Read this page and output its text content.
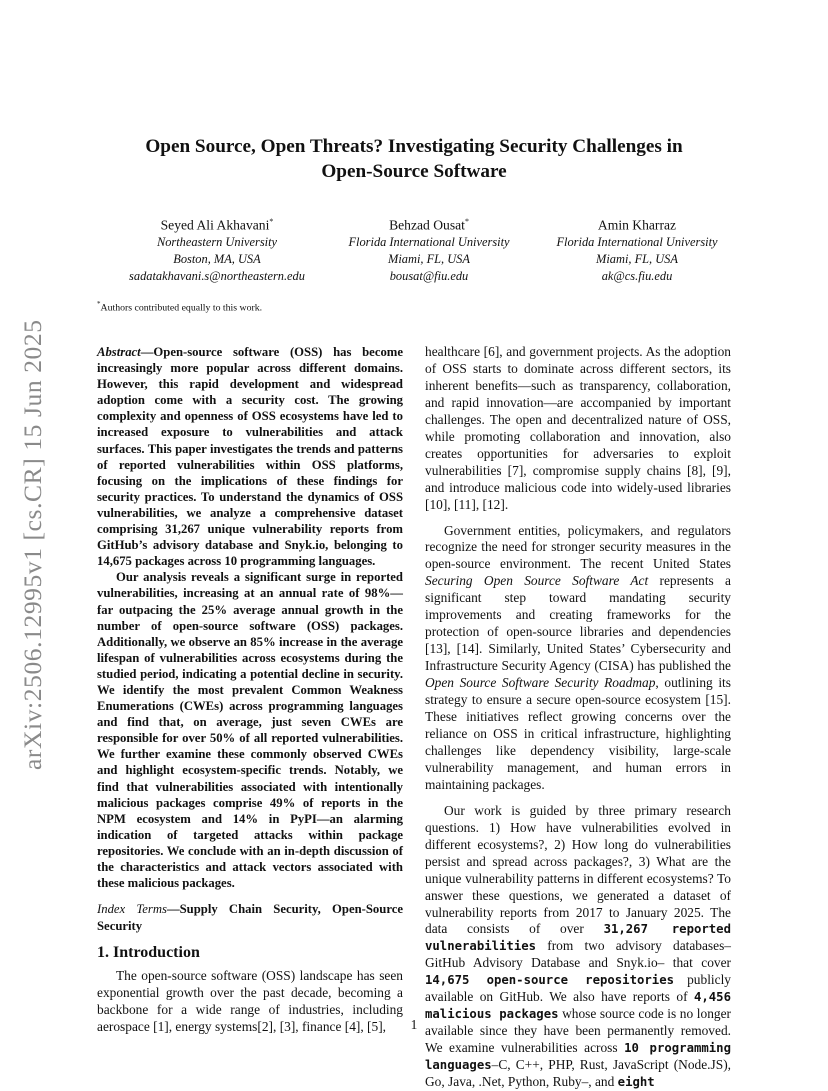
arXiv:2506.12995v1 [cs.CR] 15 Jun 2025
Open Source, Open Threats? Investigating Security Challenges in
Open-Source Software
Seyed Ali Akhavani*
Northeastern University
Boston, MA, USA
sadatakhavani.s@northeastern.edu
Behzad Ousat*
Florida International University
Miami, FL, USA
bousat@fiu.edu
Amin Kharraz
Florida International University
Miami, FL, USA
ak@cs.fiu.edu
*Authors contributed equally to this work.

Abstract—Open-source software (OSS) has become increasingly more popular across different domains. However, this rapid development and widespread adoption come with a security cost. The growing complexity and openness of OSS ecosystems have led to increased exposure to vulnerabilities and attack surfaces. This paper investigates the trends and patterns of reported vulnerabilities within OSS platforms, focusing on the implications of these findings for security practices. To understand the dynamics of OSS vulnerabilities, we analyze a comprehensive dataset comprising 31,267 unique vulnerability reports from GitHub’s advisory database and Snyk.io, belonging to 14,675 packages across 10 programming languages.

Our analysis reveals a significant surge in reported vulnerabilities, increasing at an annual rate of 98%—far outpacing the 25% average annual growth in the number of open-source software (OSS) packages. Additionally, we observe an 85% increase in the average lifespan of vulnerabilities across ecosystems during the studied period, indicating a potential decline in security. We identify the most prevalent Common Weakness Enumerations (CWEs) across programming languages and find that, on average, just seven CWEs are responsible for over 50% of all reported vulnerabilities. We further examine these commonly observed CWEs and highlight ecosystem-specific trends. Notably, we find that vulnerabilities associated with intentionally malicious packages comprise 49% of reports in the NPM ecosystem and 14% in PyPI—an alarming indication of targeted attacks within package repositories. We conclude with an in-depth discussion of the characteristics and attack vectors associated with these malicious packages.

Index Terms—Supply Chain Security, Open-Source Security

1. Introduction

The open-source software (OSS) landscape has seen exponential growth over the past decade, becoming a backbone for a wide range of industries, including aerospace [1], energy systems[2], [3], finance [4], [5],

healthcare [6], and government projects. As the adoption of OSS starts to dominate across different sectors, its inherent benefits—such as transparency, collaboration, and rapid innovation—are accompanied by important challenges. The open and decentralized nature of OSS, while promoting collaboration and innovation, also creates opportunities for adversaries to exploit vulnerabilities [7], compromise supply chains [8], [9], and introduce malicious code into widely-used libraries [10], [11], [12].

Government entities, policymakers, and regulators recognize the need for stronger security measures in the open-source environment. The recent United States Securing Open Source Software Act represents a significant step toward mandating security improvements and creating frameworks for the protection of open-source libraries and dependencies [13], [14]. Similarly, United States’ Cybersecurity and Infrastructure Security Agency (CISA) has published the Open Source Software Security Roadmap, outlining its strategy to ensure a secure open-source ecosystem [15]. These initiatives reflect growing concerns over the reliance on OSS in critical infrastructure, highlighting challenges like dependency visibility, large-scale vulnerability management, and human errors in maintaining packages.

Our work is guided by three primary research questions. 1) How have vulnerabilities evolved in different ecosystems?, 2) How long do vulnerabilities persist and spread across packages?, 3) What are the unique vulnerability patterns in different ecosystems? To answer these questions, we generated a dataset of vulnerability reports from 2017 to January 2025. The data consists of over 31,267 reported vulnerabilities from two advisory databases–GitHub Advisory Database and Snyk.io– that cover 14,675 open-source repositories publicly available on GitHub. We also have reports of 4,456 malicious packages whose source code is no longer available since they have been permanently removed. We examine vulnerabilities across 10 programming languages–C, C++, PHP, Rust, JavaScript (Node.JS), Go, Java, .Net, Python, Ruby–, and eight

1
